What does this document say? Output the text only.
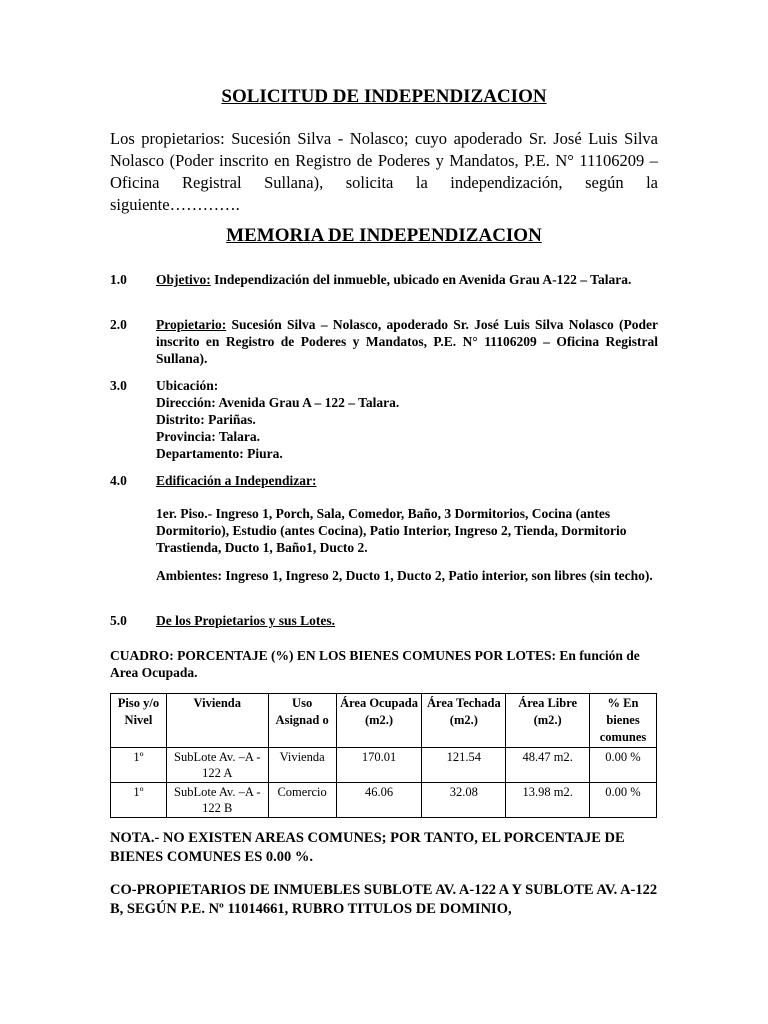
SOLICITUD DE INDEPENDIZACION

Los propietarios: Sucesión Silva - Nolasco; cuyo apoderado Sr. José Luis Silva Nolasco (Poder inscrito en Registro de Poderes y Mandatos, P.E. N° 11106209 – Oficina Registral Sullana), solicita la independización, según la siguiente………….

MEMORIA DE INDEPENDIZACION
1.0 Objetivo: Independización del inmueble, ubicado en Avenida Grau A-122 – Talara.

2.0 Propietario: Sucesión Silva – Nolasco, apoderado Sr. José Luis Silva Nolasco (Poder inscrito en Registro de Poderes y Mandatos, P.E. N° 11106209 – Oficina Registral Sullana).

3.0 Ubicación:

Dirección: Avenida Grau A – 122 – Talara.

Distrito: Pariñas.

Provincia: Talara.

Departamento: Piura.

4.0 Edificación a Independizar:

1er. Piso.- Ingreso 1, Porch, Sala, Comedor, Baño, 3 Dormitorios, Cocina (antes Dormitorio), Estudio (antes Cocina), Patio Interior, Ingreso 2, Tienda, Dormitorio Trastienda, Ducto 1, Baño1, Ducto 2.

Ambientes: Ingreso 1, Ingreso 2, Ducto 1, Ducto 2, Patio interior, son libres (sin techo).

5.0 De los Propietarios y sus Lotes.

CUADRO: PORCENTAJE (%) EN LOS BIENES COMUNES POR LOTES: En función de Area Ocupada.

Piso y/o Nivel	Vivienda	Uso Asignad o	Área Ocupada (m2.)	Área Techada (m2.)	Área Libre (m2.)	% En bienes comunes
1º	SubLote Av. –A - 122 A	Vivienda	170.01	121.54	48.47 m2.	0.00 %
1º	SubLote Av. –A - 122 B	Comercio	46.06	32.08	13.98 m2.	0.00 %

NOTA.- NO EXISTEN AREAS COMUNES; POR TANTO, EL PORCENTAJE DE BIENES COMUNES ES 0.00 %.

CO-PROPIETARIOS DE INMUEBLES SUBLOTE AV. A-122 A Y SUBLOTE AV. A-122 B, SEGÚN P.E. Nº 11014661, RUBRO TITULOS DE DOMINIO,
